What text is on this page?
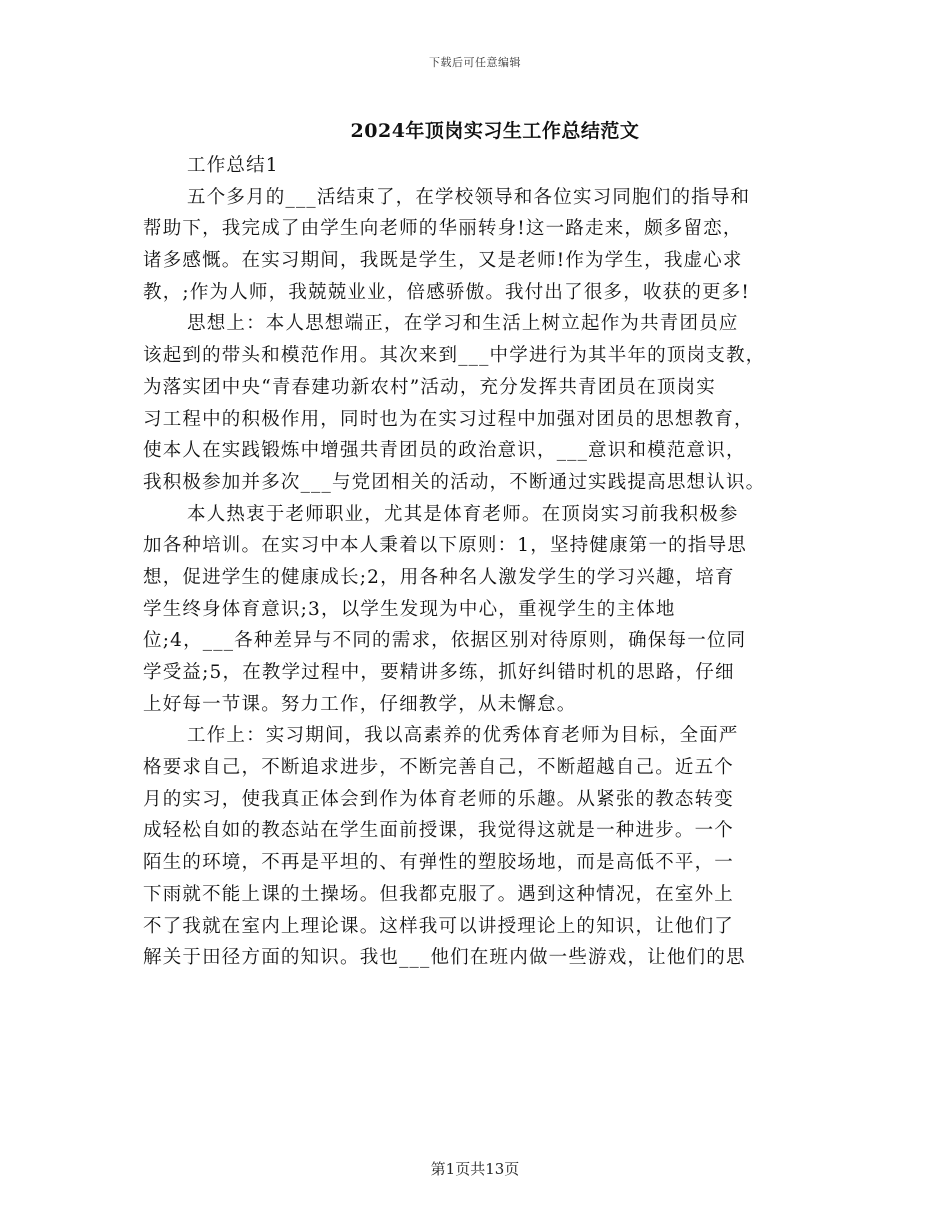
下载后可任意编辑
2024年顶岗实习生工作总结范文
工作总结1
五个多月的___活结束了，在学校领导和各位实习同胞们的指导和
帮助下，我完成了由学生向老师的华丽转身!这一路走来，颇多留恋，
诸多感慨。在实习期间，我既是学生，又是老师!作为学生，我虚心求
教，;作为人师，我兢兢业业，倍感骄傲。我付出了很多，收获的更多!
思想上：本人思想端正，在学习和生活上树立起作为共青团员应
该起到的带头和模范作用。其次来到___中学进行为其半年的顶岗支教，
为落实团中央“青春建功新农村”活动，充分发挥共青团员在顶岗实
习工程中的积极作用，同时也为在实习过程中加强对团员的思想教育，
使本人在实践锻炼中增强共青团员的政治意识，___意识和模范意识，
我积极参加并多次___与党团相关的活动，不断通过实践提高思想认识。
本人热衷于老师职业，尤其是体育老师。在顶岗实习前我积极参
加各种培训。在实习中本人秉着以下原则：1，坚持健康第一的指导思
想，促进学生的健康成长;2，用各种名人激发学生的学习兴趣，培育
学生终身体育意识;3，以学生发现为中心，重视学生的主体地
位;4，___各种差异与不同的需求，依据区别对待原则，确保每一位同
学受益;5，在教学过程中，要精讲多练，抓好纠错时机的思路，仔细
上好每一节课。努力工作，仔细教学，从未懈怠。
工作上：实习期间，我以高素养的优秀体育老师为目标，全面严
格要求自己，不断追求进步，不断完善自己，不断超越自己。近五个
月的实习，使我真正体会到作为体育老师的乐趣。从紧张的教态转变
成轻松自如的教态站在学生面前授课，我觉得这就是一种进步。一个
陌生的环境，不再是平坦的、有弹性的塑胶场地，而是高低不平，一
下雨就不能上课的土操场。但我都克服了。遇到这种情况，在室外上
不了我就在室内上理论课。这样我可以讲授理论上的知识，让他们了
解关于田径方面的知识。我也___他们在班内做一些游戏，让他们的思
第1页共13页
